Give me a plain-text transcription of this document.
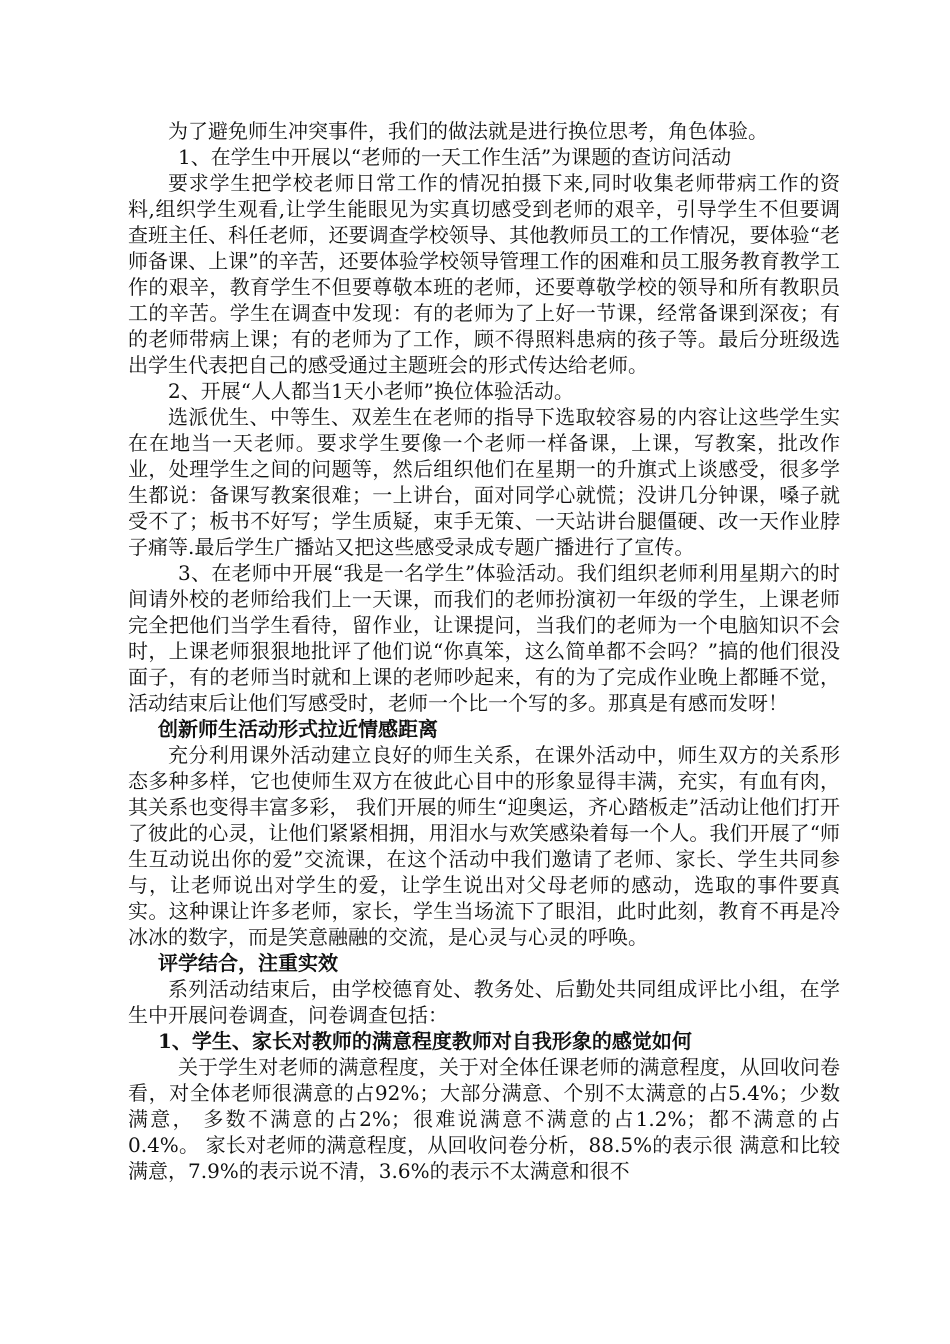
为了避免师生冲突事件，我们的做法就是进行换位思考，角色体验。

1、在学生中开展以“老师的一天工作生活”为课题的查访问活动

要求学生把学校老师日常工作的情况拍摄下来,同时收集老师带病工作的资料,组织学生观看,让学生能眼见为实真切感受到老师的艰辛，引导学生不但要调查班主任、科任老师，还要调查学校领导、其他教师员工的工作情况，要体验“老师备课、上课”的辛苦，还要体验学校领导管理工作的困难和员工服务教育教学工作的艰辛，教育学生不但要尊敬本班的老师，还要尊敬学校的领导和所有教职员工的辛苦。学生在调查中发现：有的老师为了上好一节课，经常备课到深夜；有的老师带病上课；有的老师为了工作，顾不得照料患病的孩子等。最后分班级选出学生代表把自己的感受通过主题班会的形式传达给老师。

2、开展“人人都当1天小老师”换位体验活动。

选派优生、中等生、双差生在老师的指导下选取较容易的内容让这些学生实在在地当一天老师。要求学生要像一个老师一样备课，上课，写教案，批改作业，处理学生之间的问题等，然后组织他们在星期一的升旗式上谈感受，很多学生都说：备课写教案很难；一上讲台，面对同学心就慌；没讲几分钟课，嗓子就受不了；板书不好写；学生质疑，束手无策、一天站讲台腿僵硬、改一天作业脖子痛等.最后学生广播站又把这些感受录成专题广播进行了宣传。

3、在老师中开展“我是一名学生”体验活动。我们组织老师利用星期六的时间请外校的老师给我们上一天课，而我们的老师扮演初一年级的学生，上课老师完全把他们当学生看待，留作业，让课提问，当我们的老师为一个电脑知识不会时，上课老师狠狠地批评了他们说“你真笨，这么简单都不会吗？”搞的他们很没面子，有的老师当时就和上课的老师吵起来，有的为了完成作业晚上都睡不觉，活动结束后让他们写感受时，老师一个比一个写的多。那真是有感而发呀！

创新师生活动形式拉近情感距离

充分利用课外活动建立良好的师生关系，在课外活动中，师生双方的关系形态多种多样，它也使师生双方在彼此心目中的形象显得丰满，充实，有血有肉，其关系也变得丰富多彩， 我们开展的师生“迎奥运，齐心踏板走”活动让他们打开了彼此的心灵，让他们紧紧相拥，用泪水与欢笑感染着每一个人。我们开展了“师生互动说出你的爱”交流课，在这个活动中我们邀请了老师、家长、学生共同参与，让老师说出对学生的爱，让学生说出对父母老师的感动，选取的事件要真实。这种课让许多老师，家长，学生当场流下了眼泪，此时此刻，教育不再是冷冰冰的数字，而是笑意融融的交流，是心灵与心灵的呼唤。

评学结合，注重实效

系列活动结束后，由学校德育处、教务处、后勤处共同组成评比小组，在学生中开展问卷调查，问卷调查包括：

1、学生、家长对教师的满意程度教师对自我形象的感觉如何

关于学生对老师的满意程度，关于对全体任课老师的满意程度，从回收问卷看，对全体老师很满意的占92%；大部分满意、个别不太满意的占5.4%；少数满意， 多数不满意的占2%；很难说满意不满意的占1.2%；都不满意的占0.4%。 家长对老师的满意程度，从回收问卷分析，88.5%的表示很 满意和比较满意，7.9%的表示说不清，3.6%的表示不太满意和很不
